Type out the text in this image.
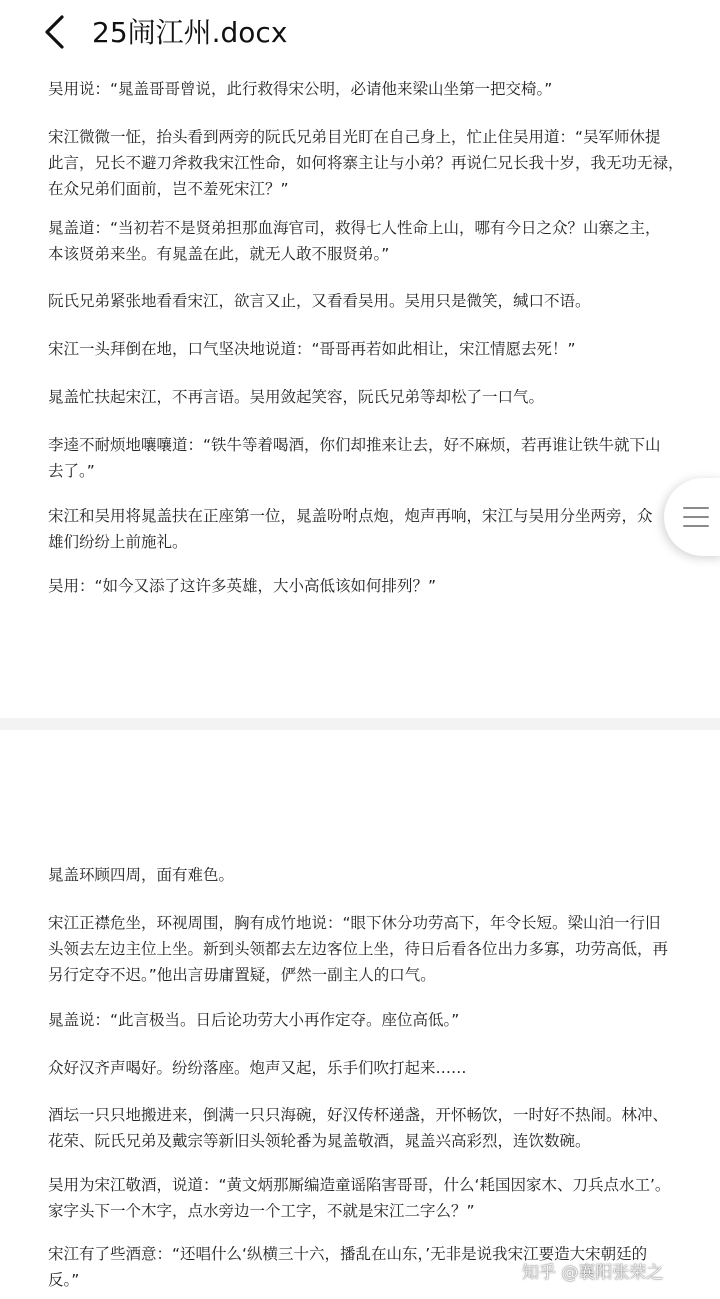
25闹江州.docx

吴用说：“晁盖哥哥曾说，此行救得宋公明，必请他来梁山坐第一把交椅。”

宋江微微一怔，抬头看到两旁的阮氏兄弟目光盯在自己身上，忙止住吴用道：“吴军师休提
此言，兄长不避刀斧救我宋江性命，如何将寨主让与小弟？再说仁兄长我十岁，我无功无禄，
在众兄弟们面前，岂不羞死宋江？”

晁盖道：“当初若不是贤弟担那血海官司，救得七人性命上山，哪有今日之众？山寨之主，
本该贤弟来坐。有晁盖在此，就无人敢不服贤弟。”

阮氏兄弟紧张地看看宋江，欲言又止，又看看吴用。吴用只是微笑，缄口不语。

宋江一头拜倒在地，口气坚决地说道：“哥哥再若如此相让，宋江情愿去死！”

晁盖忙扶起宋江，不再言语。吴用敛起笑容，阮氏兄弟等却松了一口气。

李逵不耐烦地嚷嚷道：“铁牛等着喝酒，你们却推来让去，好不麻烦，若再谁让铁牛就下山
去了。”

宋江和吴用将晁盖扶在正座第一位，晁盖吩咐点炮，炮声再响，宋江与吴用分坐两旁，众
雄们纷纷上前施礼。

吴用：“如今又添了这许多英雄，大小高低该如何排列？”

晁盖环顾四周，面有难色。

宋江正襟危坐，环视周围，胸有成竹地说：“眼下休分功劳高下，年令长短。梁山泊一行旧
头领去左边主位上坐。新到头领都去左边客位上坐，待日后看各位出力多寡，功劳高低，再
另行定夺不迟。”他出言毋庸置疑，俨然一副主人的口气。

晁盖说：“此言极当。日后论功劳大小再作定夺。座位高低。”

众好汉齐声喝好。纷纷落座。炮声又起，乐手们吹打起来……

酒坛一只只地搬进来，倒满一只只海碗，好汉传杯递盏，开怀畅饮，一时好不热闹。林冲、
花荣、阮氏兄弟及戴宗等新旧头领轮番为晁盖敬酒，晁盖兴高彩烈，连饮数碗。

吴用为宋江敬酒，说道：“黄文炳那厮编造童谣陷害哥哥，什么‘耗国因家木、刀兵点水工’。
家字头下一个木字，点水旁边一个工字，不就是宋江二字么？”

宋江有了些酒意：“还唱什么‘纵横三十六，播乱在山东，’无非是说我宋江要造大宋朝廷的
反。”	知乎 @襄阳张荣之
